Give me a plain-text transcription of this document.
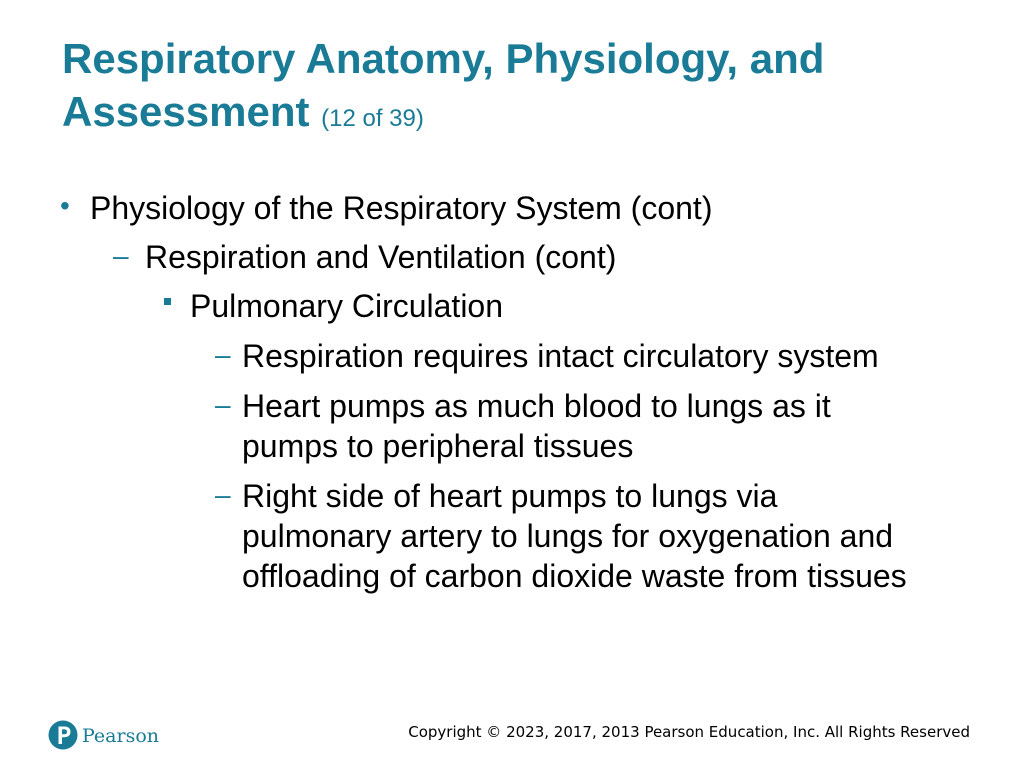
Respiratory Anatomy, Physiology, and Assessment (12 of 39)
• Physiology of the Respiratory System (cont)
– Respiration and Ventilation (cont)
Pulmonary Circulation
– Respiration requires intact circulatory system
– Heart pumps as much blood to lungs as it
pumps to peripheral tissues
– Right side of heart pumps to lungs via
pulmonary artery to lungs for oxygenation and
offloading of carbon dioxide waste from tissues
Pearson	Copyright © 2023, 2017, 2013 Pearson Education, Inc. All Rights Reserved
